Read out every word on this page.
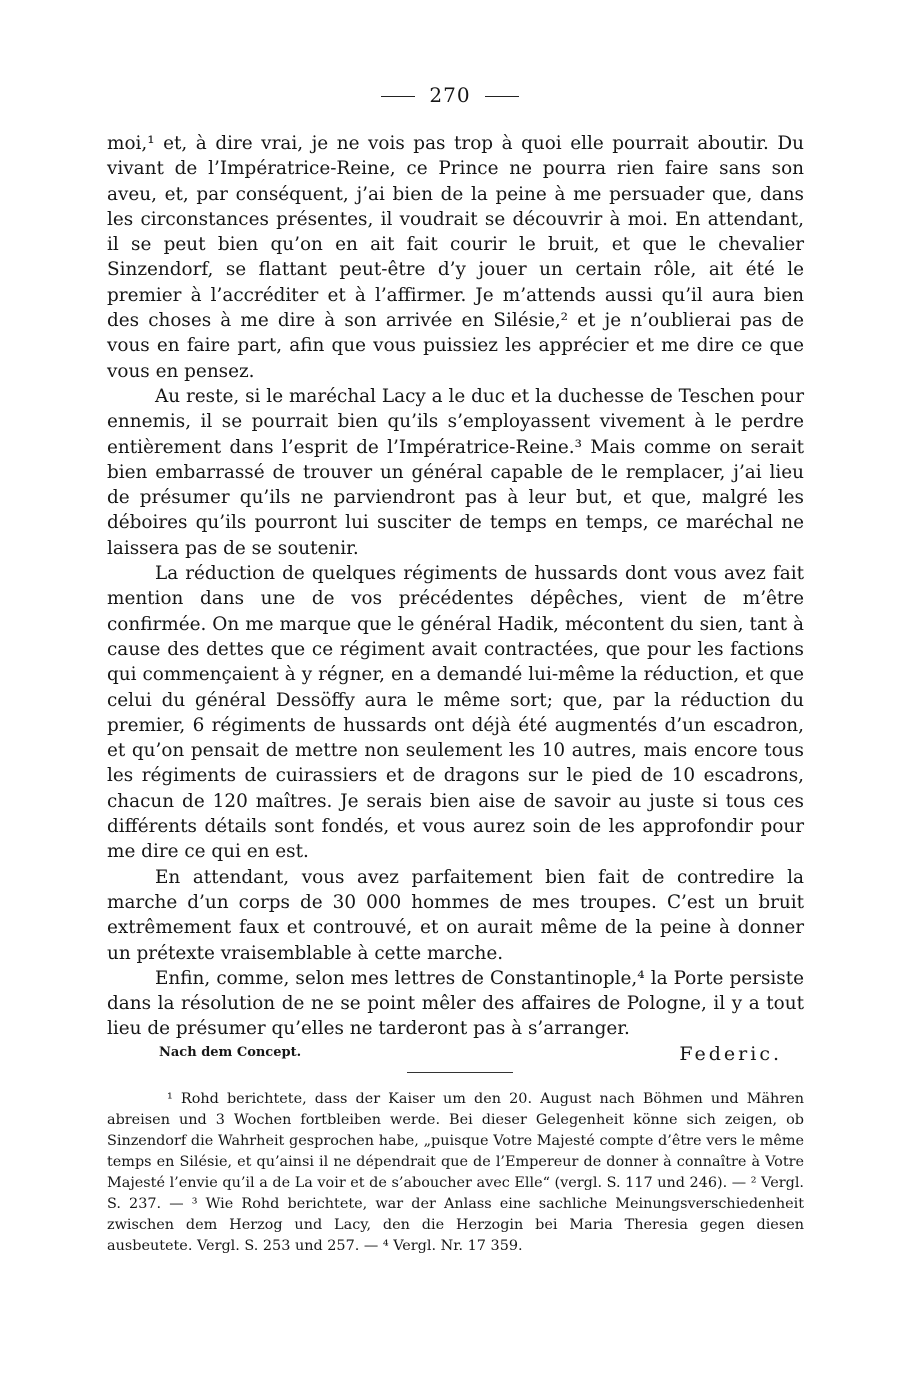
270

moi,¹ et, à dire vrai, je ne vois pas trop à quoi elle pourrait aboutir. Du vivant de l’Impératrice-Reine, ce Prince ne pourra rien faire sans son aveu, et, par conséquent, j’ai bien de la peine à me persuader que, dans les circonstances présentes, il voudrait se découvrir à moi. En attendant, il se peut bien qu’on en ait fait courir le bruit, et que le chevalier Sinzendorf, se flattant peut-être d’y jouer un certain rôle, ait été le premier à l’accréditer et à l’affirmer. Je m’attends aussi qu’il aura bien des choses à me dire à son arrivée en Silésie,² et je n’oublierai pas de vous en faire part, afin que vous puissiez les apprécier et me dire ce que vous en pensez.

Au reste, si le maréchal Lacy a le duc et la duchesse de Teschen pour ennemis, il se pourrait bien qu’ils s’employassent vivement à le perdre entièrement dans l’esprit de l’Impératrice-Reine.³ Mais comme on serait bien embarrassé de trouver un général capable de le remplacer, j’ai lieu de présumer qu’ils ne parviendront pas à leur but, et que, malgré les déboires qu’ils pourront lui susciter de temps en temps, ce maréchal ne laissera pas de se soutenir.

La réduction de quelques régiments de hussards dont vous avez fait mention dans une de vos précédentes dépêches, vient de m’être confirmée. On me marque que le général Hadik, mécontent du sien, tant à cause des dettes que ce régiment avait contractées, que pour les factions qui commençaient à y régner, en a demandé lui-même la réduction, et que celui du général Dessöffy aura le même sort; que, par la réduction du premier, 6 régiments de hussards ont déjà été augmentés d’un escadron, et qu’on pensait de mettre non seulement les 10 autres, mais encore tous les régiments de cuirassiers et de dragons sur le pied de 10 escadrons, chacun de 120 maîtres. Je serais bien aise de savoir au juste si tous ces différents détails sont fondés, et vous aurez soin de les approfondir pour me dire ce qui en est.

En attendant, vous avez parfaitement bien fait de contredire la marche d’un corps de 30 000 hommes de mes troupes. C’est un bruit extrêmement faux et controuvé, et on aurait même de la peine à donner un prétexte vraisemblable à cette marche.

Enfin, comme, selon mes lettres de Constantinople,⁴ la Porte persiste dans la résolution de ne se point mêler des affaires de Pologne, il y a tout lieu de présumer qu’elles ne tarderont pas à s’arranger.

Nach dem Concept.	Federic.
¹ Rohd berichtete, dass der Kaiser um den 20. August nach Böhmen und Mähren abreisen und 3 Wochen fortbleiben werde. Bei dieser Gelegenheit könne sich zeigen, ob Sinzendorf die Wahrheit gesprochen habe, „puisque Votre Majesté compte d’être vers le même temps en Silésie, et qu’ainsi il ne dépendrait que de l’Empereur de donner à connaître à Votre Majesté l’envie qu’il a de La voir et de s’aboucher avec Elle“ (vergl. S. 117 und 246). — ² Vergl. S. 237. — ³ Wie Rohd berichtete, war der Anlass eine sachliche Meinungsverschiedenheit zwischen dem Herzog und Lacy, den die Herzogin bei Maria Theresia gegen diesen ausbeutete. Vergl. S. 253 und 257. — ⁴ Vergl. Nr. 17 359.
